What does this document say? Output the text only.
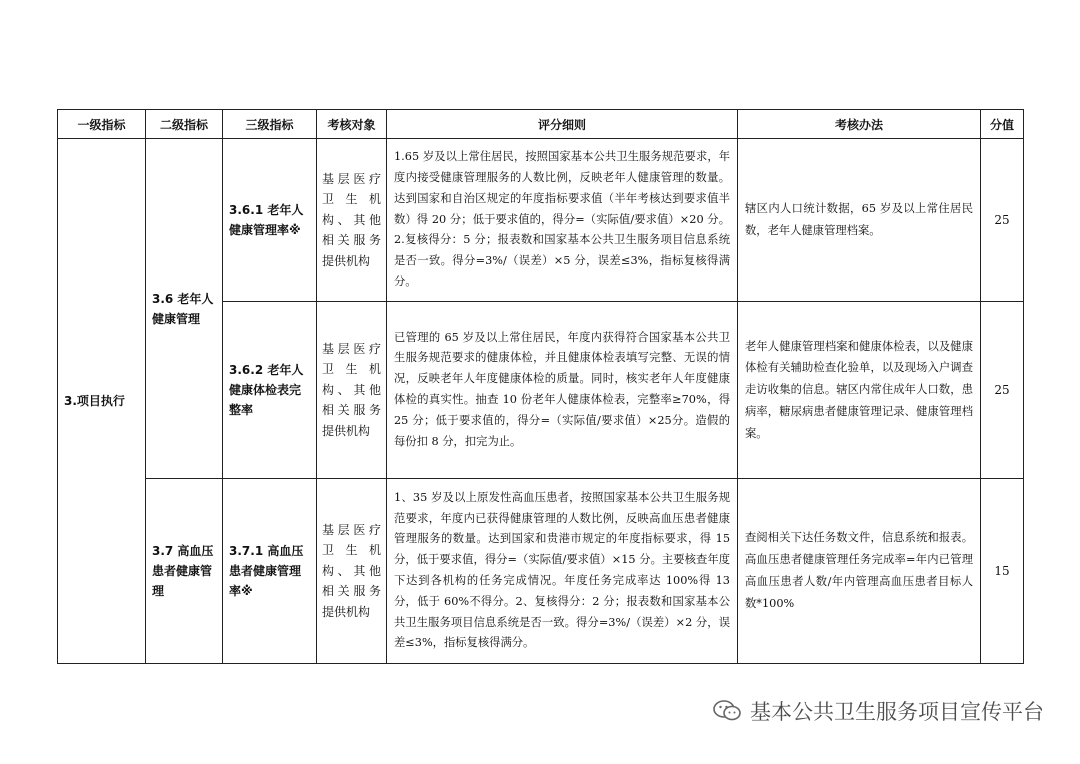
一级指标	二级指标	三级指标	考核对象	评分细则	考核办法	分值
3.项目执行	3.6 老年人健康管理	3.6.1 老年人健康管理率※	基层医疗卫生机构、其他相关服务提供机构	1.65 岁及以上常住居民，按照国家基本公共卫生服务规范要求，年度内接受健康管理服务的人数比例，反映老年人健康管理的数量。达到国家和自治区规定的年度指标要求值（半年考核达到要求值半数）得 20 分；低于要求值的，得分=（实际值/要求值）×20 分。2.复核得分：5 分；报表数和国家基本公共卫生服务项目信息系统是否一致。得分=3%/（误差）×5 分，误差≤3%，指标复核得满分。	辖区内人口统计数据，65 岁及以上常住居民数，老年人健康管理档案。	25
		3.6.2 老年人健康体检表完整率	基层医疗卫生机构、其他相关服务提供机构	已管理的 65 岁及以上常住居民，年度内获得符合国家基本公共卫生服务规范要求的健康体检，并且健康体检表填写完整、无误的情况，反映老年人年度健康体检的质量。同时，核实老年人年度健康体检的真实性。抽查 10 份老年人健康体检表，完整率≥70%，得 25 分；低于要求值的，得分=（实际值/要求值）×25分。造假的每份扣 8 分，扣完为止。	老年人健康管理档案和健康体检表，以及健康体检有关辅助检查化验单，以及现场入户调查走访收集的信息。辖区内常住成年人口数，患病率，糖尿病患者健康管理记录、健康管理档案。	25
	3.7 高血压患者健康管理	3.7.1 高血压患者健康管理率※	基层医疗卫生机构、其他相关服务提供机构	1、35 岁及以上原发性高血压患者，按照国家基本公共卫生服务规范要求，年度内已获得健康管理的人数比例，反映高血压患者健康管理服务的数量。达到国家和贵港市规定的年度指标要求，得 15 分，低于要求值，得分=（实际值/要求值）×15 分。主要核查年度下达到各机构的任务完成情况。年度任务完成率达 100%得 13 分，低于 60%不得分。2、复核得分：2 分；报表数和国家基本公共卫生服务项目信息系统是否一致。得分=3%/（误差）×2 分，误差≤3%，指标复核得满分。	查阅相关下达任务数文件，信息系统和报表。高血压患者健康管理任务完成率=年内已管理高血压患者人数/年内管理高血压患者目标人数*100%	15
基本公共卫生服务项目宣传平台
